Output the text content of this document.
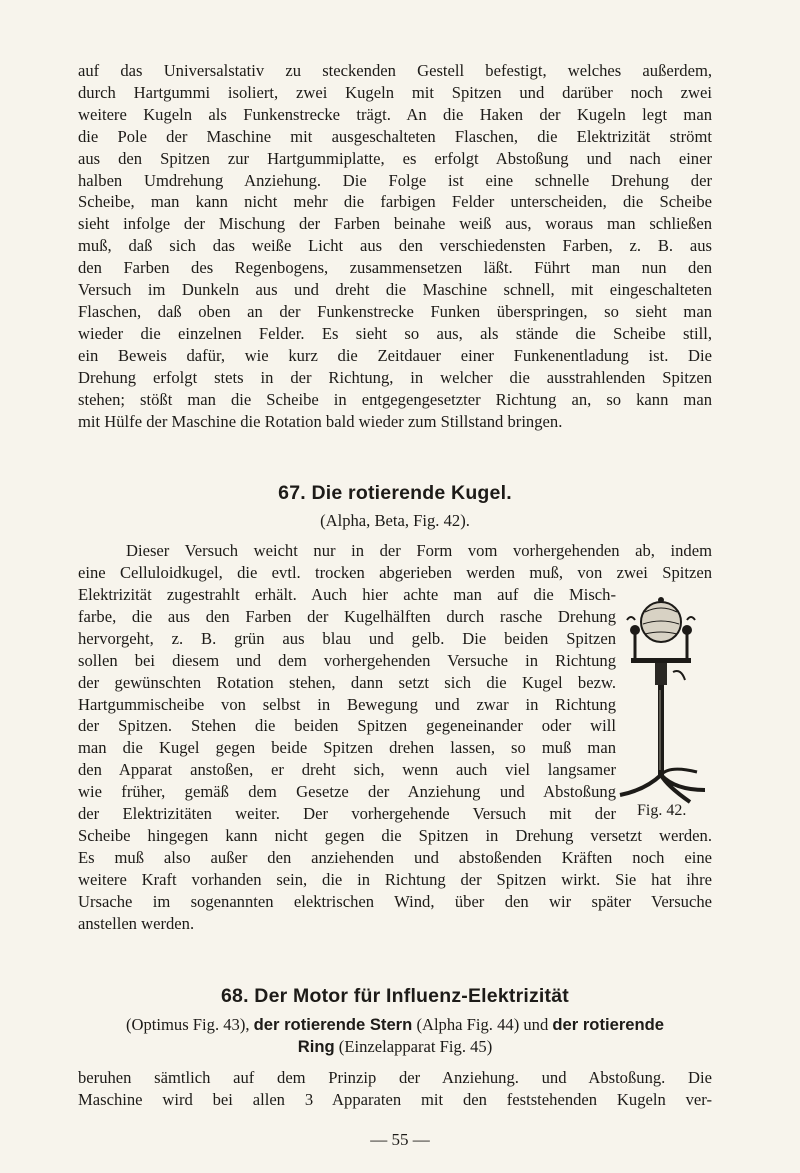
auf das Universalstativ zu steckenden Gestell befestigt, welches außerdem,
durch Hartgummi isoliert, zwei Kugeln mit Spitzen und darüber noch zwei
weitere Kugeln als Funkenstrecke trägt. An die Haken der Kugeln legt man
die Pole der Maschine mit ausgeschalteten Flaschen, die Elektrizität strömt
aus den Spitzen zur Hartgummiplatte, es erfolgt Abstoßung und nach einer
halben Umdrehung Anziehung. Die Folge ist eine schnelle Drehung der
Scheibe, man kann nicht mehr die farbigen Felder unterscheiden, die Scheibe
sieht infolge der Mischung der Farben beinahe weiß aus, woraus man schließen
muß, daß sich das weiße Licht aus den verschiedensten Farben, z. B. aus
den Farben des Regenbogens, zusammensetzen läßt. Führt man nun den
Versuch im Dunkeln aus und dreht die Maschine schnell, mit eingeschalteten
Flaschen, daß oben an der Funkenstrecke Funken überspringen, so sieht man
wieder die einzelnen Felder. Es sieht so aus, als stände die Scheibe still,
ein Beweis dafür, wie kurz die Zeitdauer einer Funkenentladung ist. Die
Drehung erfolgt stets in der Richtung, in welcher die ausstrahlenden Spitzen
stehen; stößt man die Scheibe in entgegengesetzter Richtung an, so kann man
mit Hülfe der Maschine die Rotation bald wieder zum Stillstand bringen.
67. Die rotierende Kugel.
(Alpha, Beta, Fig. 42).
Dieser Versuch weicht nur in der Form vom vorhergehenden ab, indem
eine Celluloidkugel, die evtl. trocken abgerieben werden muß, von zwei Spitzen
Elektrizität zugestrahlt erhält. Auch hier achte man auf die Misch-
farbe, die aus den Farben der Kugelhälften durch rasche Drehung
hervorgeht, z. B. grün aus blau und gelb. Die beiden Spitzen
sollen bei diesem und dem vorhergehenden Versuche in Richtung
der gewünschten Rotation stehen, dann setzt sich die Kugel bezw.
Hartgummischeibe von selbst in Bewegung und zwar in Richtung
der Spitzen. Stehen die beiden Spitzen gegeneinander oder will
man die Kugel gegen beide Spitzen drehen lassen, so muß man
den Apparat anstoßen, er dreht sich, wenn auch viel langsamer
wie früher, gemäß dem Gesetze der Anziehung und Abstoßung
der Elektrizitäten weiter. Der vorhergehende Versuch mit der
Scheibe hingegen kann nicht gegen die Spitzen in Drehung versetzt werden.
Es muß also außer den anziehenden und abstoßenden Kräften noch eine
weitere Kraft vorhanden sein, die in Richtung der Spitzen wirkt. Sie hat ihre
Ursache im sogenannten elektrischen Wind, über den wir später Versuche
anstellen werden.
Fig. 42.
68. Der Motor für Influenz-Elektrizität
(Optimus Fig. 43), der rotierende Stern (Alpha Fig. 44) und der rotierende
Ring (Einzelapparat Fig. 45)
beruhen sämtlich auf dem Prinzip der Anziehung. und Abstoßung. Die
Maschine wird bei allen 3 Apparaten mit den feststehenden Kugeln ver-
— 55 —
